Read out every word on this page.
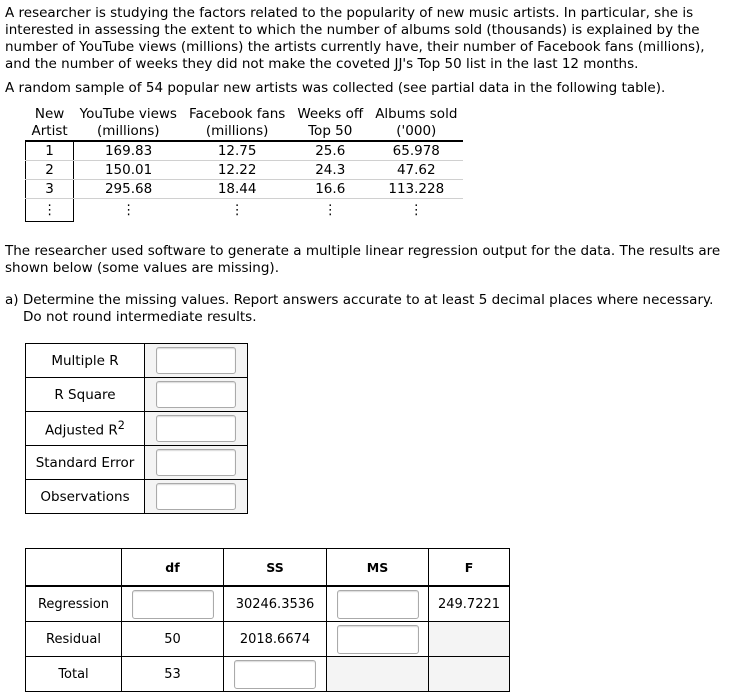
A researcher is studying the factors related to the popularity of new music artists. In particular, she is interested in assessing the extent to which the number of albums sold (thousands) is explained by the number of YouTube views (millions) the artists currently have, their number of Facebook fans (millions), and the number of weeks they did not make the coveted JJ's Top 50 list in the last 12 months.

A random sample of 54 popular new artists was collected (see partial data in the following table).

New	YouTube views	Facebook fans	Weeks off	Albums sold
Artist	(millions)	(millions)	Top 50	('000)
1	169.83	12.75	25.6	65.978
2	150.01	12.22	24.3	47.62
3	295.68	18.44	16.6	113.228
⋮	⋮	⋮	⋮	⋮

The researcher used software to generate a multiple linear regression output for the data. The results are shown below (some values are missing).

a) Determine the missing values. Report answers accurate to at least 5 decimal places where necessary.
Do not round intermediate results.

Multiple R	
R Square	
Adjusted $R^2$	
Standard Error	
Observations	
	df	SS	MS	F
Regression		30246.3536		249.7221
Residual	50	2018.6674		
Total	53			
